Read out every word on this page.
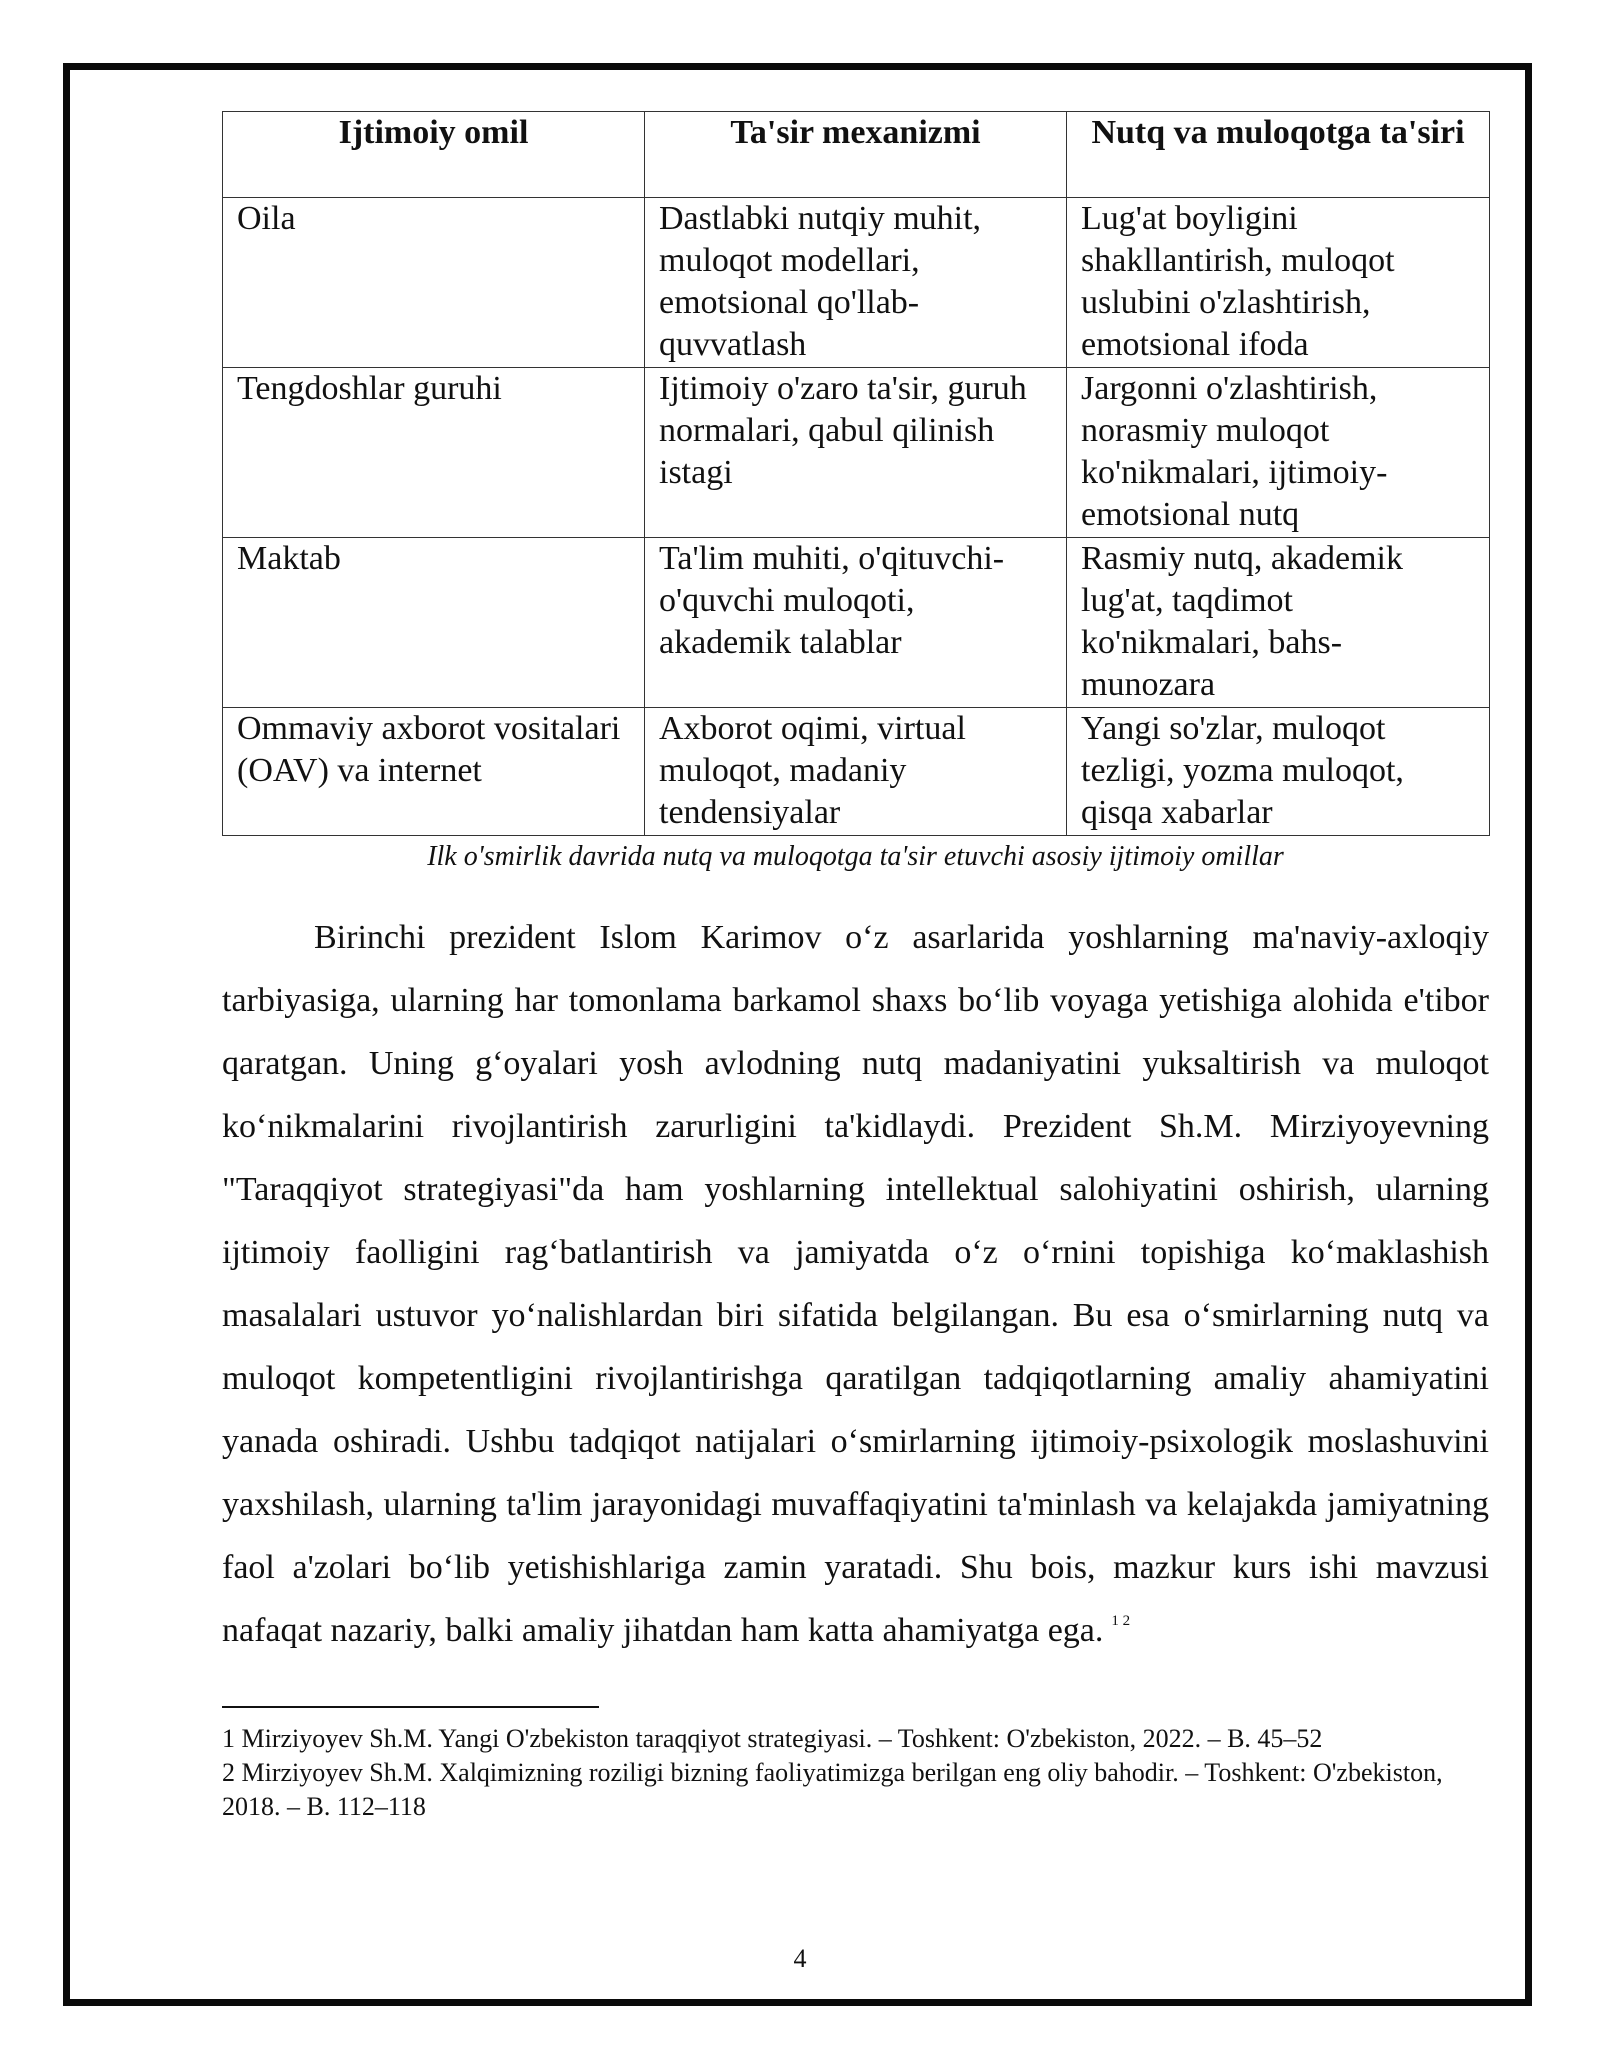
Ijtimoiy omil	Ta'sir mexanizmi	Nutq va muloqotga ta'siri
Oila	Dastlabki nutqiy muhit, muloqot modellari, emotsional qo'llab-quvvatlash	Lug'at boyligini shakllantirish, muloqot uslubini o'zlashtirish, emotsional ifoda
Tengdoshlar guruhi	Ijtimoiy o'zaro ta'sir, guruh normalari, qabul qilinish istagi	Jargonni o'zlashtirish, norasmiy muloqot ko'nikmalari, ijtimoiy-emotsional nutq
Maktab	Ta'lim muhiti, o'qituvchi-o'quvchi muloqoti, akademik talablar	Rasmiy nutq, akademik lug'at, taqdimot ko'nikmalari, bahs-munozara
Ommaviy axborot vositalari (OAV) va internet	Axborot oqimi, virtual muloqot, madaniy tendensiyalar	Yangi so'zlar, muloqot tezligi, yozma muloqot, qisqa xabarlar
Ilk o'smirlik davrida nutq va muloqotga ta'sir etuvchi asosiy ijtimoiy omillar

Birinchi prezident Islom Karimov o‘z asarlarida yoshlarning ma'naviy-axloqiy tarbiyasiga, ularning har tomonlama barkamol shaxs bo‘lib voyaga yetishiga alohida e'tibor qaratgan. Uning g‘oyalari yosh avlodning nutq madaniyatini yuksaltirish va muloqot ko‘nikmalarini rivojlantirish zarurligini ta'kidlaydi. Prezident Sh.M. Mirziyoyevning "Taraqqiyot strategiyasi"da ham yoshlarning intellektual salohiyatini oshirish, ularning ijtimoiy faolligini rag‘batlantirish va jamiyatda o‘z o‘rnini topishiga ko‘maklashish masalalari ustuvor yo‘nalishlardan biri sifatida belgilangan. Bu esa o‘smirlarning nutq va muloqot kompetentligini rivojlantirishga qaratilgan tadqiqotlarning amaliy ahamiyatini yanada oshiradi. Ushbu tadqiqot natijalari o‘smirlarning ijtimoiy-psixologik moslashuvini yaxshilash, ularning ta'lim jarayonidagi muvaffaqiyatini ta'minlash va kelajakda jamiyatning faol a'zolari bo‘lib yetishishlariga zamin yaratadi. Shu bois, mazkur kurs ishi mavzusi nafaqat nazariy, balki amaliy jihatdan ham katta ahamiyatga ega. $^{1 2}$

1 Mirziyoyev Sh.M. Yangi O'zbekiston taraqqiyot strategiyasi. – Toshkent: O'zbekiston, 2022. – B. 45–52

2 Mirziyoyev Sh.M. Xalqimizning roziligi bizning faoliyatimizga berilgan eng oliy bahodir. – Toshkent: O'zbekiston, 2018. – B. 112–118

4
